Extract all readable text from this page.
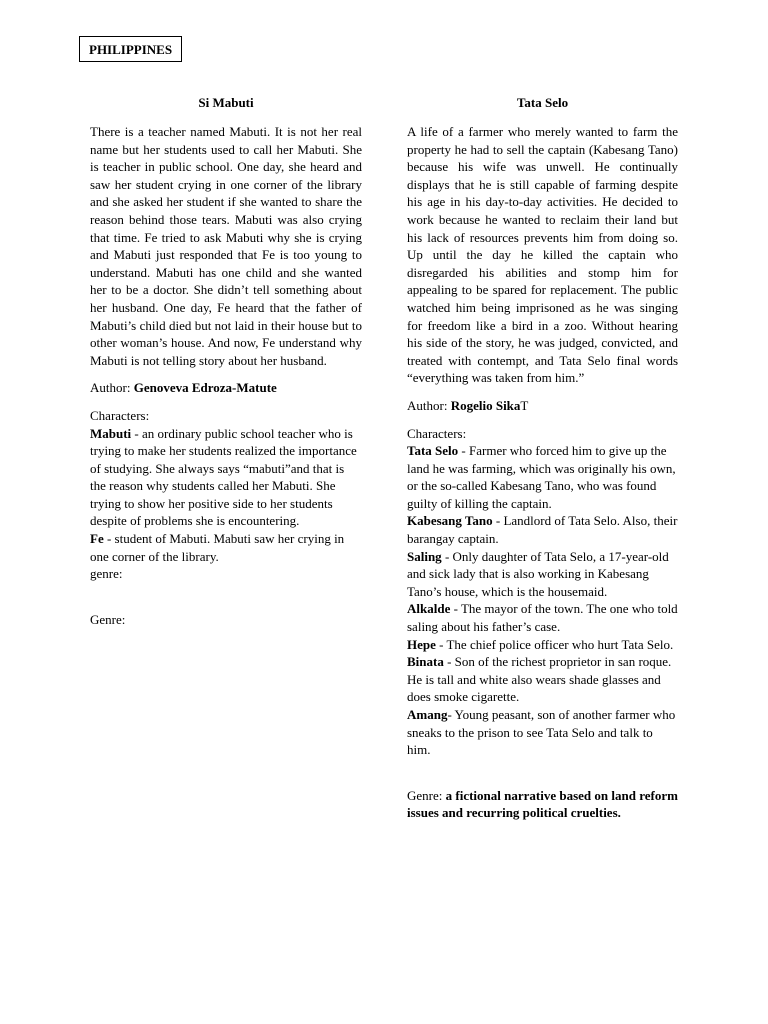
PHILIPPINES
Si Mabuti

There is a teacher named Mabuti. It is not her real name but her students used to call her Mabuti. She is teacher in public school. One day, she heard and saw her student crying in one corner of the library and she asked her student if she wanted to share the reason behind those tears. Mabuti was also crying that time. Fe tried to ask Mabuti why she is crying and Mabuti just responded that Fe is too young to understand. Mabuti has one child and she wanted her to be a doctor. She didn’t tell something about her husband. One day, Fe heard that the father of Mabuti’s child died but not laid in their house but to other woman’s house. And now, Fe understand why Mabuti is not telling story about her husband.

Author: Genoveva Edroza-Matute

Characters:

Mabuti - an ordinary public school teacher who is trying to make her students realized the importance of studying. She always says “mabuti”and that is the reason why students called her Mabuti. She trying to show her positive side to her students despite of problems she is encountering.

Fe - student of Mabuti. Mabuti saw her crying in one corner of the library.

genre:

Genre:

Tata Selo

A life of a farmer who merely wanted to farm the property he had to sell the captain (Kabesang Tano) because his wife was unwell. He continually displays that he is still capable of farming despite his age in his day-to-day activities. He decided to work because he wanted to reclaim their land but his lack of resources prevents him from doing so. Up until the day he killed the captain who disregarded his abilities and stomp him for appealing to be spared for replacement. The public watched him being imprisoned as he was singing for freedom like a bird in a zoo. Without hearing his side of the story, he was judged, convicted, and treated with contempt, and Tata Selo final words “everything was taken from him.”

Author: Rogelio SikaT

Characters:

Tata Selo - Farmer who forced him to give up the land he was farming, which was originally his own, or the so-called Kabesang Tano, who was found guilty of killing the captain.

Kabesang Tano - Landlord of Tata Selo. Also, their barangay captain.

Saling - Only daughter of Tata Selo, a 17-year-old and sick lady that is also working in Kabesang Tano’s house, which is the housemaid.

Alkalde - The mayor of the town. The one who told saling about his father’s case.

Hepe - The chief police officer who hurt Tata Selo.

Binata - Son of the richest proprietor in san roque. He is tall and white also wears shade glasses and does smoke cigarette.

Amang- Young peasant, son of another farmer who sneaks to the prison to see Tata Selo and talk to him.

Genre: a fictional narrative based on land reform issues and recurring political cruelties.
